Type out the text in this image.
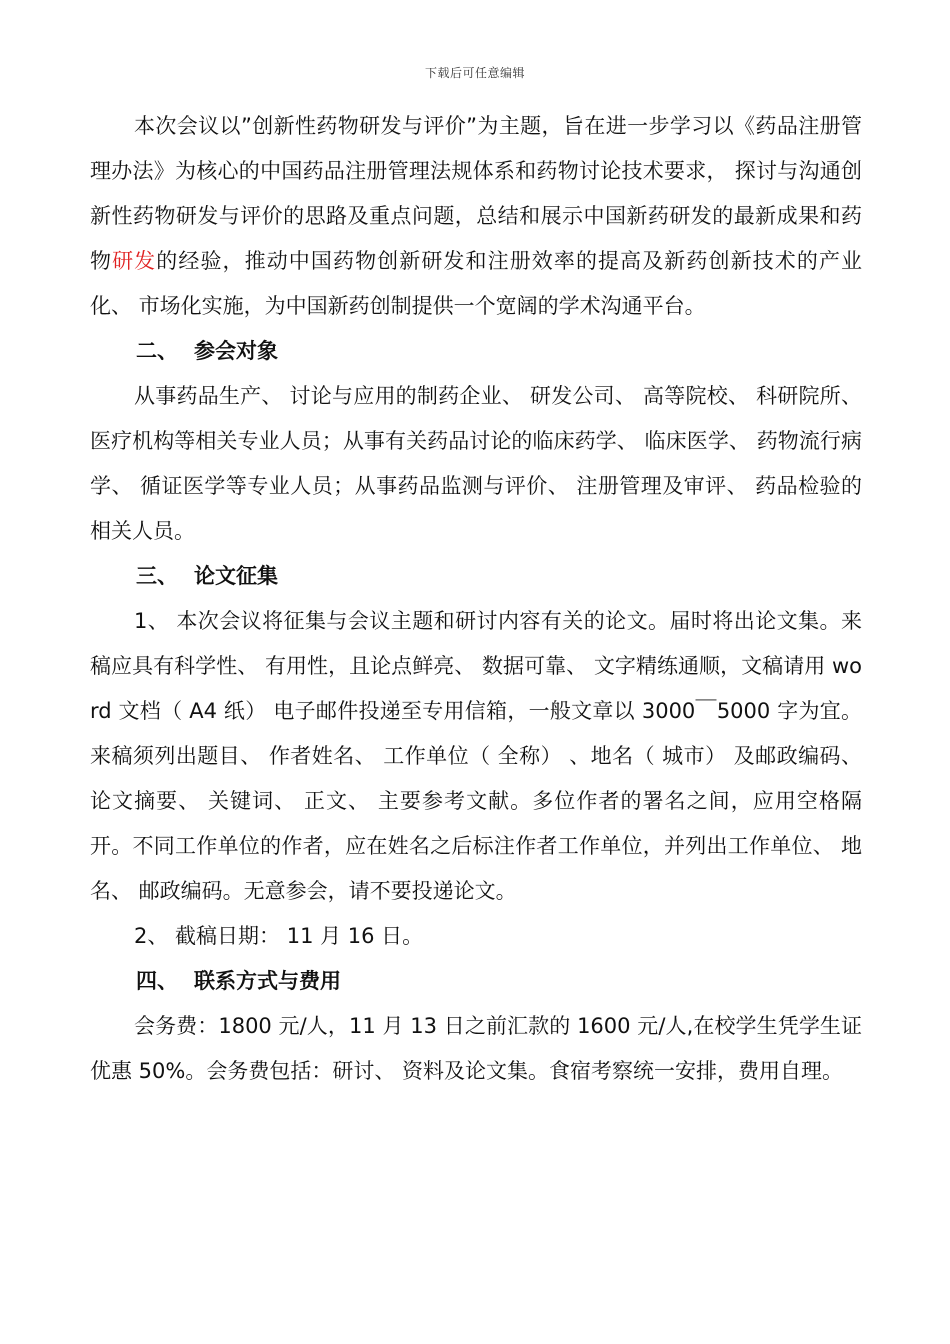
下载后可任意编辑

本次会议以”创新性药物研发与评价”为主题，旨在进一步学习以《药品注册管理办法》为核心的中国药品注册管理法规体系和药物讨论技术要求， 探讨与沟通创新性药物研发与评价的思路及重点问题，总结和展示中国新药研发的最新成果和药物研发的经验，推动中国药物创新研发和注册效率的提高及新药创新技术的产业化、 市场化实施，为中国新药创制提供一个宽阔的学术沟通平台。

二、 参会对象

从事药品生产、 讨论与应用的制药企业、 研发公司、 高等院校、 科研院所、 医疗机构等相关专业人员；从事有关药品讨论的临床药学、 临床医学、 药物流行病学、 循证医学等专业人员；从事药品监测与评价、 注册管理及审评、 药品检验的相关人员。

三、 论文征集

1、 本次会议将征集与会议主题和研讨内容有关的论文。届时将出论文集。来稿应具有科学性、 有用性，且论点鲜亮、 数据可靠、 文字精练通顺，文稿请用 word 文档（ A4 纸） 电子邮件投递至专用信箱，一般文章以 3000￣5000 字为宜。来稿须列出题目、 作者姓名、 工作单位（ 全称） 、地名（ 城市） 及邮政编码、 论文摘要、 关键词、 正文、 主要参考文献。多位作者的署名之间，应用空格隔开。不同工作单位的作者，应在姓名之后标注作者工作单位，并列出工作单位、 地名、 邮政编码。无意参会，请不要投递论文。

2、 截稿日期： 11 月 16 日。

四、 联系方式与费用

会务费：1800 元/人，11 月 13 日之前汇款的 1600 元/人,在校学生凭学生证优惠 50%。会务费包括：研讨、 资料及论文集。食宿考察统一安排，费用自理。
